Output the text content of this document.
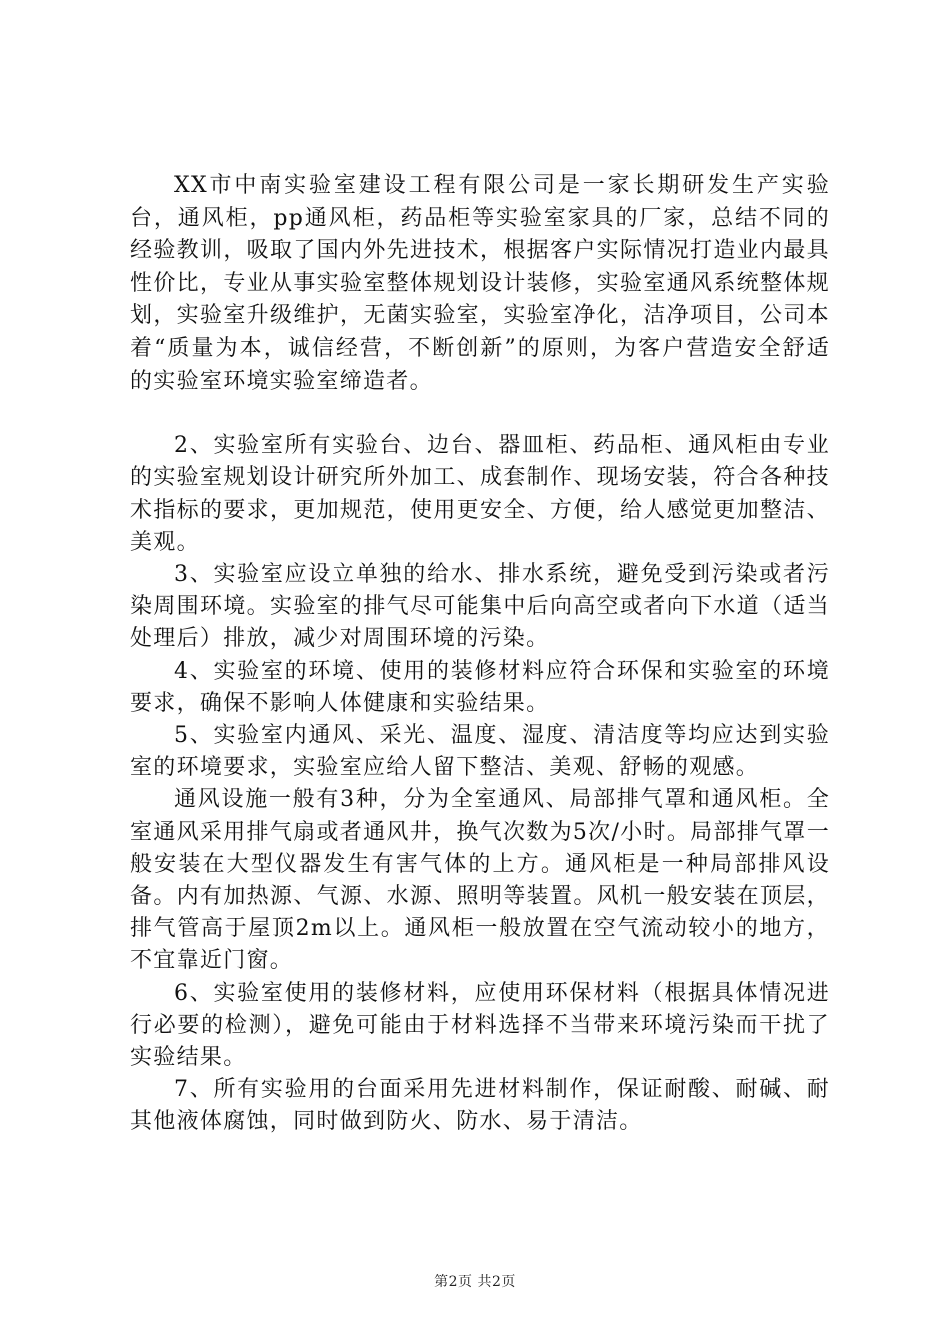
XX市中南实验室建设工程有限公司是一家长期研发生产实验台，通风柜，pp通风柜，药品柜等实验室家具的厂家，总结不同的经验教训，吸取了国内外先进技术，根据客户实际情况打造业内最具性价比，专业从事实验室整体规划设计装修，实验室通风系统整体规划，实验室升级维护，无菌实验室，实验室净化，洁净项目，公司本着“质量为本，诚信经营，不断创新”的原则，为客户营造安全舒适的实验室环境实验室缔造者。

2、实验室所有实验台、边台、器皿柜、药品柜、通风柜由专业的实验室规划设计研究所外加工、成套制作、现场安装，符合各种技术指标的要求，更加规范，使用更安全、方便，给人感觉更加整洁、美观。

3、实验室应设立单独的给水、排水系统，避免受到污染或者污染周围环境。实验室的排气尽可能集中后向高空或者向下水道（适当处理后）排放，减少对周围环境的污染。

4、实验室的环境、使用的装修材料应符合环保和实验室的环境要求，确保不影响人体健康和实验结果。

5、实验室内通风、采光、温度、湿度、清洁度等均应达到实验室的环境要求，实验室应给人留下整洁、美观、舒畅的观感。

通风设施一般有3种，分为全室通风、局部排气罩和通风柜。全室通风采用排气扇或者通风井，换气次数为5次/小时。局部排气罩一般安装在大型仪器发生有害气体的上方。通风柜是一种局部排风设备。内有加热源、气源、水源、照明等装置。风机一般安装在顶层，排气管高于屋顶2m以上。通风柜一般放置在空气流动较小的地方，不宜靠近门窗。

6、实验室使用的装修材料，应使用环保材料（根据具体情况进行必要的检测），避免可能由于材料选择不当带来环境污染而干扰了实验结果。

7、所有实验用的台面采用先进材料制作，保证耐酸、耐碱、耐其他液体腐蚀，同时做到防火、防水、易于清洁。

第2页 共2页
